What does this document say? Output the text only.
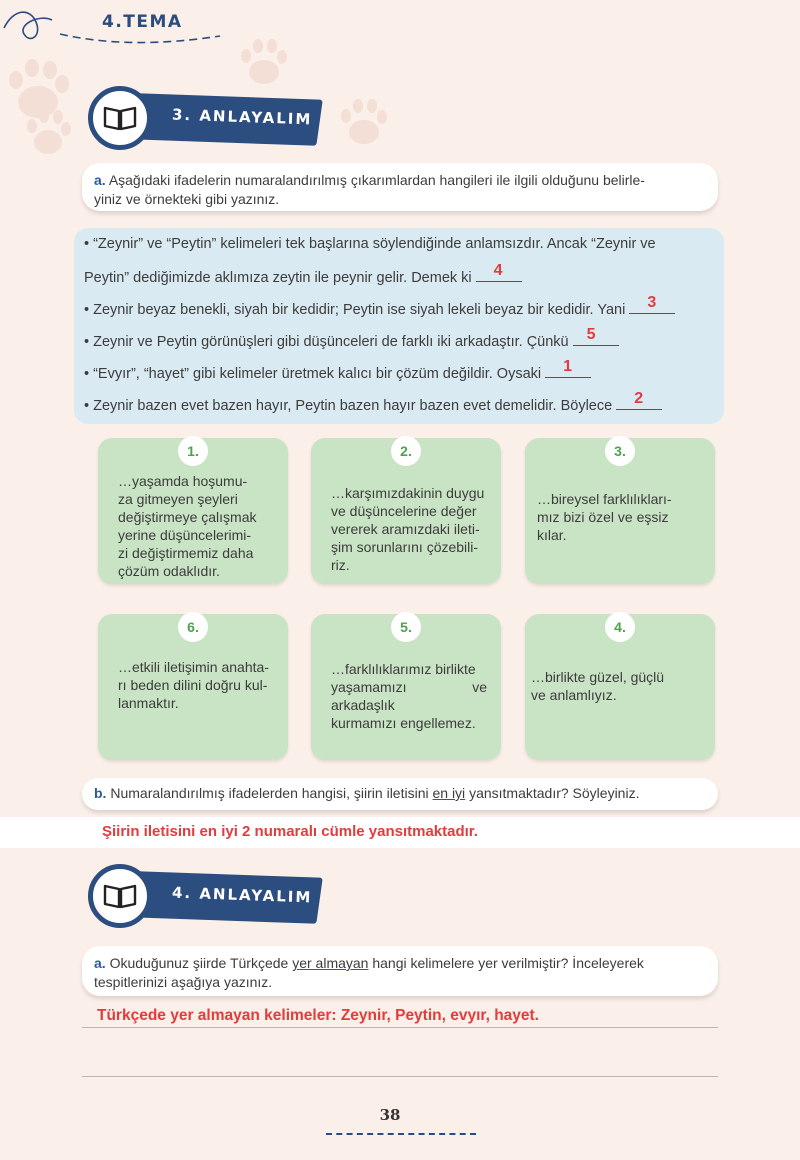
4.TEMA
3. ANLAYALIM
a. Aşağıdaki ifadelerin numaralandırılmış çıkarımlardan hangileri ile ilgili olduğunu belirle-
yiniz ve örnekteki gibi yazınız.
• “Zeynir” ve “Peytin” kelimeleri tek başlarına söylendiğinde anlamsızdır. Ancak “Zeynir ve
Peytin” dediğimizde aklımıza zeytin ile peynir gelir. Demek ki 4
• Zeynir beyaz benekli, siyah bir kedidir; Peytin ise siyah lekeli beyaz bir kedidir. Yani 3
• Zeynir ve Peytin görünüşleri gibi düşünceleri de farklı iki arkadaştır. Çünkü 5
• “Evyır”, “hayet” gibi kelimeler üretmek kalıcı bir çözüm değildir. Oysaki 1
• Zeynir bazen evet bazen hayır, Peytin bazen hayır bazen evet demelidir. Böylece 2
1.
…yaşamda hoşumu-
za gitmeyen şeyleri
değiştirmeye çalışmak
yerine düşüncelerimi-
zi değiştirmemiz daha
çözüm odaklıdır.
2.
…karşımızdakinin duygu
ve düşüncelerine değer
vererek aramızdaki ileti-
şim sorunlarını çözebili-
riz.
3.
…bireysel farklılıkları-
mız bizi özel ve eşsiz
kılar.
6.
…etkili iletişimin anahta-
rı beden dilini doğru kul-
lanmaktır.
5.
…farklılıklarımız birlikte
yaşamamızı ve arkadaşlık
kurmamızı engellemez.
4.
…birlikte güzel, güçlü
ve anlamlıyız.
b. Numaralandırılmış ifadelerden hangisi, şiirin iletisini en iyi yansıtmaktadır? Söyleyiniz.
Şiirin iletisini en iyi 2 numaralı cümle yansıtmaktadır.
4. ANLAYALIM
a. Okuduğunuz şiirde Türkçede yer almayan hangi kelimelere yer verilmiştir? İnceleyerek
tespitlerinizi aşağıya yazınız.
Türkçede yer almayan kelimeler: Zeynir, Peytin, evyır, hayet.
38
